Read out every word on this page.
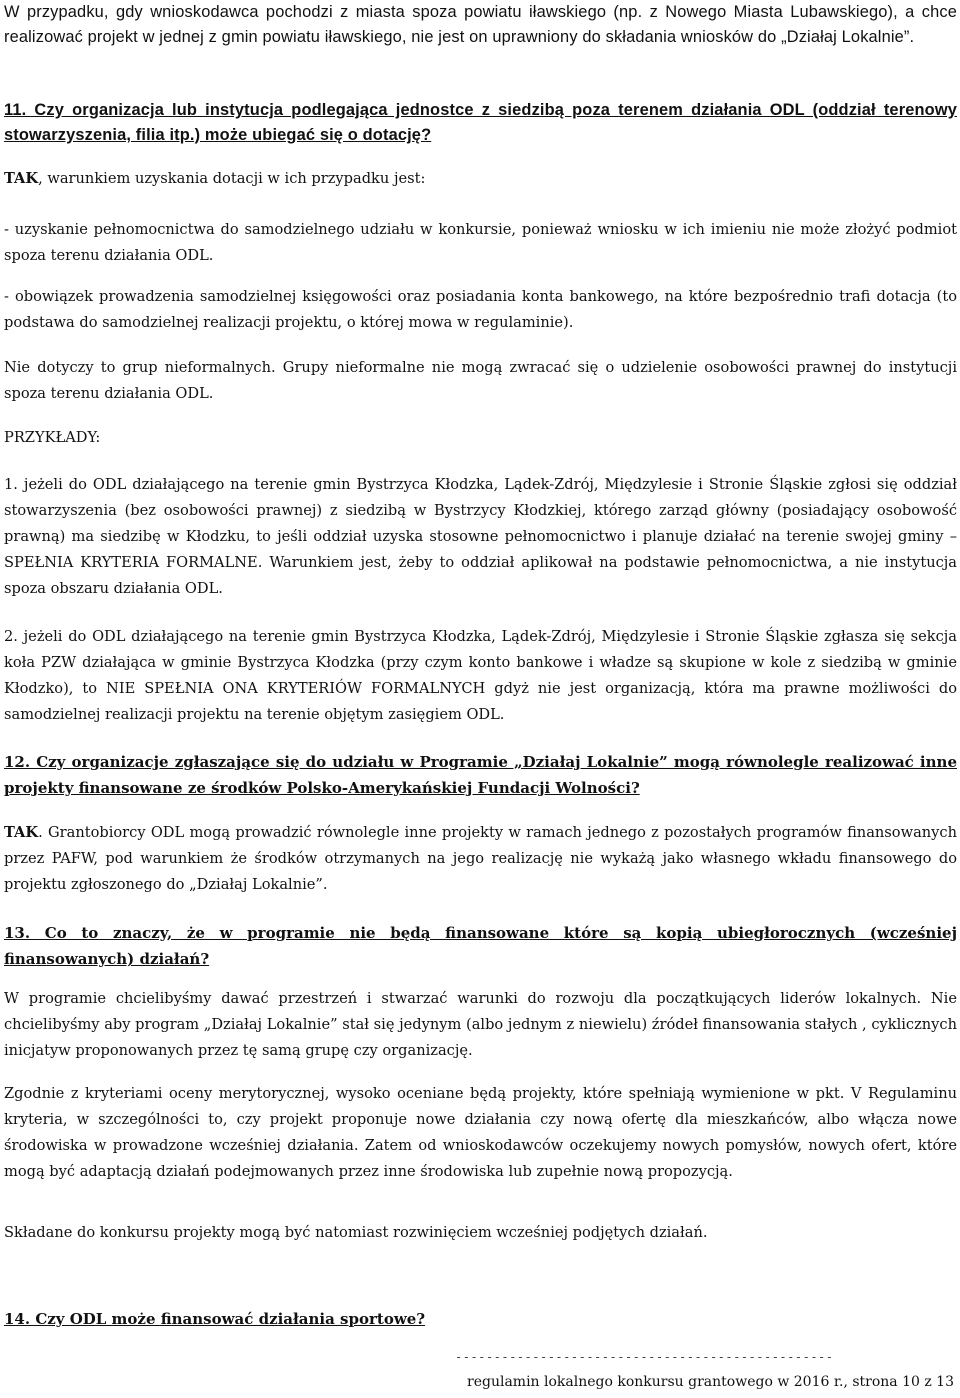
W przypadku, gdy wnioskodawca pochodzi z miasta spoza powiatu iławskiego (np. z Nowego Miasta Lubawskiego), a chce realizować projekt w jednej z gmin powiatu iławskiego, nie jest on uprawniony do składania wniosków do „Działaj Lokalnie”.

11. Czy organizacja lub instytucja podlegająca jednostce z siedzibą poza terenem działania ODL (oddział terenowy stowarzyszenia, filia itp.) może ubiegać się o dotację?

TAK, warunkiem uzyskania dotacji w ich przypadku jest:

- uzyskanie pełnomocnictwa do samodzielnego udziału w konkursie, ponieważ wniosku w ich imieniu nie może złożyć podmiot spoza terenu działania ODL.

- obowiązek prowadzenia samodzielnej księgowości oraz posiadania konta bankowego, na które bezpośrednio trafi dotacja (to podstawa do samodzielnej realizacji projektu, o której mowa w regulaminie).

Nie dotyczy to grup nieformalnych. Grupy nieformalne nie mogą zwracać się o udzielenie osobowości prawnej do instytucji spoza terenu działania ODL.

PRZYKŁADY:

1. jeżeli do ODL działającego na terenie gmin Bystrzyca Kłodzka, Lądek-Zdrój, Międzylesie i Stronie Śląskie zgłosi się oddział stowarzyszenia (bez osobowości prawnej) z siedzibą w Bystrzycy Kłodzkiej, którego zarząd główny (posiadający osobowość prawną) ma siedzibę w Kłodzku, to jeśli oddział uzyska stosowne pełnomocnictwo i planuje działać na terenie swojej gminy – SPEŁNIA KRYTERIA FORMALNE. Warunkiem jest, żeby to oddział aplikował na podstawie pełnomocnictwa, a nie instytucja spoza obszaru działania ODL.

2. jeżeli do ODL działającego na terenie gmin Bystrzyca Kłodzka, Lądek-Zdrój, Międzylesie i Stronie Śląskie zgłasza się sekcja koła PZW działająca w gminie Bystrzyca Kłodzka (przy czym konto bankowe i władze są skupione w kole z siedzibą w gminie Kłodzko), to NIE SPEŁNIA ONA KRYTERIÓW FORMALNYCH gdyż nie jest organizacją, która ma prawne możliwości do samodzielnej realizacji projektu na terenie objętym zasięgiem ODL.

12. Czy organizacje zgłaszające się do udziału w Programie „Działaj Lokalnie” mogą równolegle realizować inne projekty finansowane ze środków Polsko-Amerykańskiej Fundacji Wolności?

TAK. Grantobiorcy ODL mogą prowadzić równolegle inne projekty w ramach jednego z pozostałych programów finansowanych przez PAFW, pod warunkiem że środków otrzymanych na jego realizację nie wykażą jako własnego wkładu finansowego do projektu zgłoszonego do „Działaj Lokalnie”.

13. Co to znaczy, że w programie nie będą finansowane które są kopią ubiegłorocznych (wcześniej finansowanych) działań?

W programie chcielibyśmy dawać przestrzeń i stwarzać warunki do rozwoju dla początkujących liderów lokalnych. Nie chcielibyśmy aby program „Działaj Lokalnie” stał się jedynym (albo jednym z niewielu) źródeł finansowania stałych , cyklicznych inicjatyw proponowanych przez tę samą grupę czy organizację.

Zgodnie z kryteriami oceny merytorycznej, wysoko oceniane będą projekty, które spełniają wymienione w pkt. V Regulaminu kryteria, w szczególności to, czy projekt proponuje nowe działania czy nową ofertę dla mieszkańców, albo włącza nowe środowiska w prowadzone wcześniej działania. Zatem od wnioskodawców oczekujemy nowych pomysłów, nowych ofert, które mogą być adaptacją działań podejmowanych przez inne środowiska lub zupełnie nową propozycją.

Składane do konkursu projekty mogą być natomiast rozwinięciem wcześniej podjętych działań.

14. Czy ODL może finansować działania sportowe?

-------------------------------------------------
regulamin lokalnego konkursu grantowego w 2016 r., strona 10 z 13
